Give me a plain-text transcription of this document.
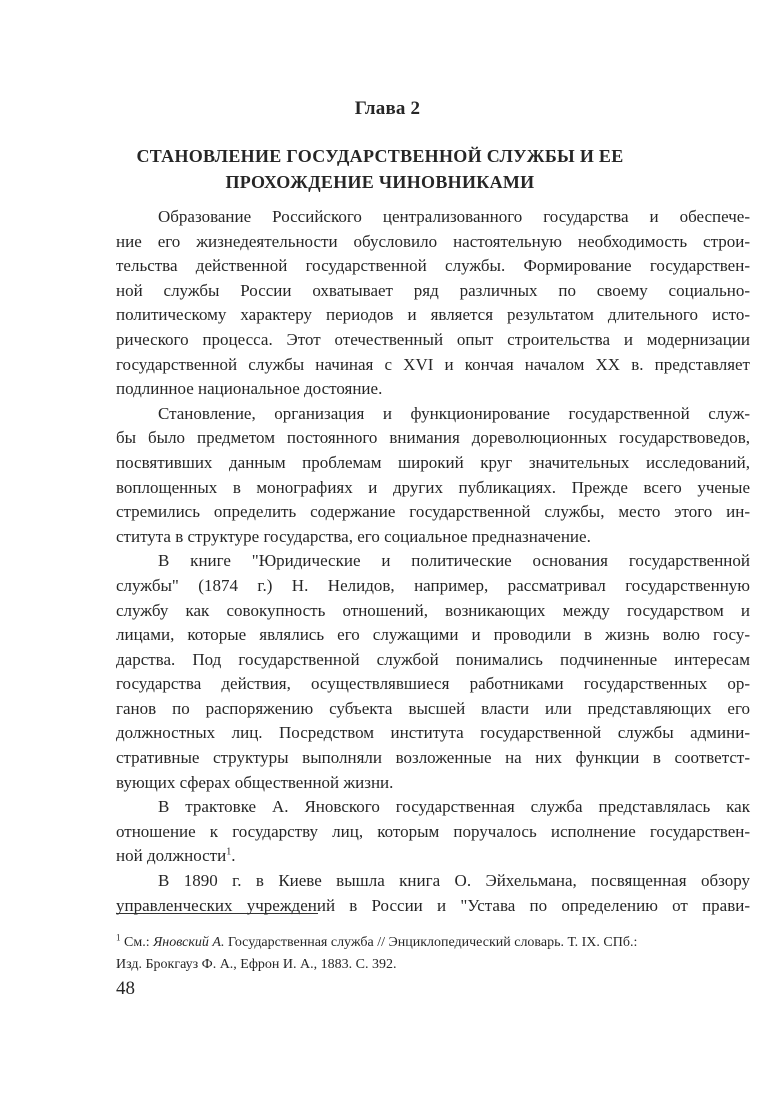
Глава 2
СТАНОВЛЕНИЕ ГОСУДАРСТВЕННОЙ СЛУЖБЫ И ЕЕ
ПРОХОЖДЕНИЕ ЧИНОВНИКАМИ
Образование Российского централизованного государства и обеспече-
ние его жизнедеятельности обусловило настоятельную необходимость строи-
тельства действенной государственной службы. Формирование государствен-
ной службы России охватывает ряд различных по своему социально-
политическому характеру периодов и является результатом длительного исто-
рического процесса. Этот отечественный опыт строительства и модернизации
государственной службы начиная с XVI и кончая началом XX в. представляет
подлинное национальное достояние.
Становление, организация и функционирование государственной служ-
бы было предметом постоянного внимания дореволюционных государствоведов,
посвятивших данным проблемам широкий круг значительных исследований,
воплощенных в монографиях и других публикациях. Прежде всего ученые
стремились определить содержание государственной службы, место этого ин-
ститута в структуре государства, его социальное предназначение.
В книге "Юридические и политические основания государственной
службы" (1874 г.) Н. Нелидов, например, рассматривал государственную
службу как совокупность отношений, возникающих между государством и
лицами, которые являлись его служащими и проводили в жизнь волю госу-
дарства. Под государственной службой понимались подчиненные интересам
государства действия, осуществлявшиеся работниками государственных ор-
ганов по распоряжению субъекта высшей власти или представляющих его
должностных лиц. Посредством института государственной службы админи-
стративные структуры выполняли возложенные на них функции в соответст-
вующих сферах общественной жизни.
В трактовке А. Яновского государственная служба представлялась как
отношение к государству лиц, которым поручалось исполнение государствен-
ной должности$^1$.
В 1890 г. в Киеве вышла книга О. Эйхельмана, посвященная обзору
управленческих учреждений в России и "Устава по определению от прави-
$^1$ См.: Яновский А. Государственная служба // Энциклопедический словарь. Т. IX. СПб.:
Изд. Брокгауз Ф. А., Ефрон И. А., 1883. С. 392.
48
